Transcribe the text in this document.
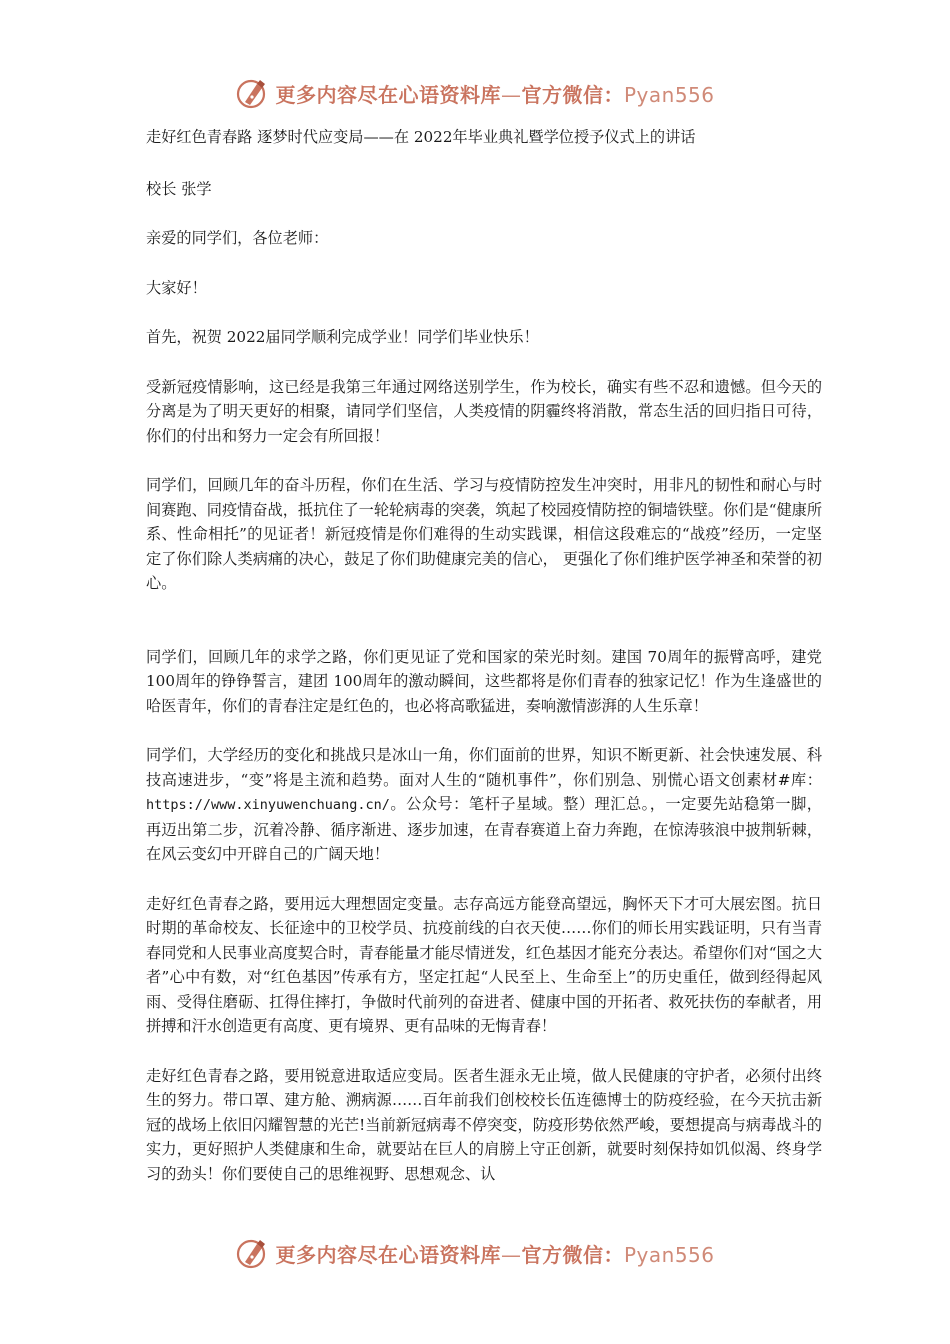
更多内容尽在心语资料库—官方微信：Pyan556

走好红色青春路 逐梦时代应变局——在 2022年毕业典礼暨学位授予仪式上的讲话

校长 张学

亲爱的同学们，各位老师：

大家好！

首先，祝贺 2022届同学顺利完成学业！同学们毕业快乐！

受新冠疫情影响，这已经是我第三年通过网络送别学生，作为校长，确实有些不忍和遗憾。但今天的分离是为了明天更好的相聚，请同学们坚信，人类疫情的阴霾终将消散，常态生活的回归指日可待，你们的付出和努力一定会有所回报！

同学们，回顾几年的奋斗历程，你们在生活、学习与疫情防控发生冲突时，用非凡的韧性和耐心与时间赛跑、同疫情奋战，抵抗住了一轮轮病毒的突袭，筑起了校园疫情防控的铜墙铁壁。你们是“健康所系、性命相托”的见证者！新冠疫情是你们难得的生动实践课，相信这段难忘的“战疫”经历，一定坚定了你们除人类病痛的决心，鼓足了你们助健康完美的信心， 更强化了你们维护医学神圣和荣誉的初心。

同学们，回顾几年的求学之路，你们更见证了党和国家的荣光时刻。建国 70周年的振臂高呼，建党 100周年的铮铮誓言，建团 100周年的激动瞬间，这些都将是你们青春的独家记忆！作为生逢盛世的哈医青年，你们的青春注定是红色的，也必将高歌猛进，奏响激情澎湃的人生乐章！

同学们，大学经历的变化和挑战只是冰山一角，你们面前的世界，知识不断更新、社会快速发展、科技高速进步，“变”将是主流和趋势。面对人生的“随机事件”，你们别急、别慌心语文创素材#库：https://www.xinyuwenchuang.cn/。公众号：笔杆子星域。整）理汇总。，一定要先站稳第一脚，再迈出第二步，沉着冷静、循序渐进、逐步加速，在青春赛道上奋力奔跑，在惊涛骇浪中披荆斩棘，在风云变幻中开辟自己的广阔天地！

走好红色青春之路，要用远大理想固定变量。志存高远方能登高望远，胸怀天下才可大展宏图。抗日时期的革命校友、长征途中的卫校学员、抗疫前线的白衣天使……你们的师长用实践证明，只有当青春同党和人民事业高度契合时，青春能量才能尽情迸发，红色基因才能充分表达。希望你们对“国之大者”心中有数，对“红色基因”传承有方，坚定扛起“人民至上、生命至上”的历史重任，做到经得起风雨、受得住磨砺、扛得住摔打，争做时代前列的奋进者、健康中国的开拓者、救死扶伤的奉献者，用拼搏和汗水创造更有高度、更有境界、更有品味的无悔青春！

走好红色青春之路，要用锐意进取适应变局。医者生涯永无止境，做人民健康的守护者，必须付出终生的努力。带口罩、建方舱、溯病源……百年前我们创校校长伍连德博士的防疫经验，在今天抗击新冠的战场上依旧闪耀智慧的光芒!当前新冠病毒不停突变，防疫形势依然严峻，要想提高与病毒战斗的实力，更好照护人类健康和生命，就要站在巨人的肩膀上守正创新，就要时刻保持如饥似渴、终身学习的劲头！你们要使自己的思维视野、思想观念、认

更多内容尽在心语资料库—官方微信：Pyan556
